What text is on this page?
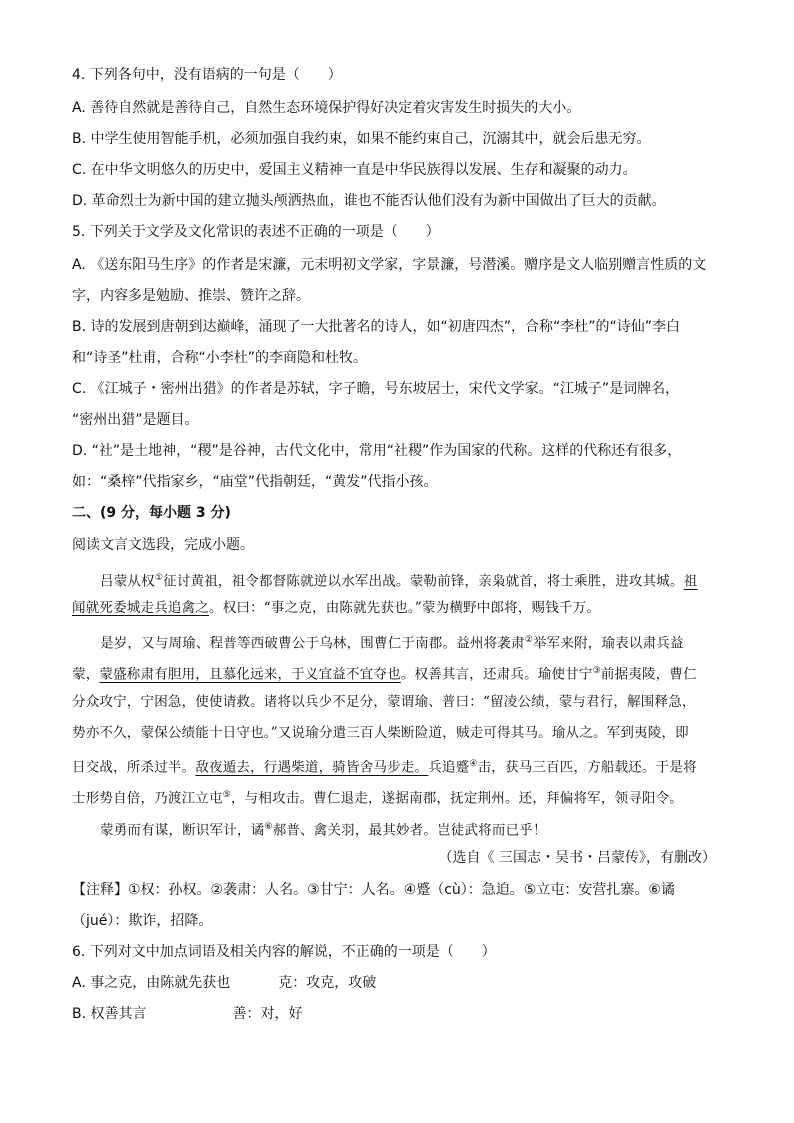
4. 下列各句中，没有语病的一句是（　　）
A. 善待自然就是善待自己，自然生态环境保护得好决定着灾害发生时损失的大小。
B. 中学生使用智能手机，必须加强自我约束，如果不能约束自己，沉溺其中，就会后患无穷。
C. 在中华文明悠久的历史中，爱国主义精神一直是中华民族得以发展、生存和凝聚的动力。
D. 革命烈士为新中国的建立抛头颅洒热血，谁也不能否认他们没有为新中国做出了巨大的贡献。
5. 下列关于文学及文化常识的表述不正确的一项是（　　）
A. 《送东阳马生序》的作者是宋濂，元末明初文学家，字景濂，号潜溪。赠序是文人临别赠言性质的文
字，内容多是勉励、推崇、赞许之辞。
B. 诗的发展到唐朝到达巅峰，涌现了一大批著名的诗人，如“初唐四杰”，合称“李杜”的“诗仙”李白
和“诗圣”杜甫，合称“小李杜”的李商隐和杜牧。
C. 《江城子・密州出猎》的作者是苏轼，字子瞻，号东坡居士，宋代文学家。“江城子”是词牌名，
“密州出猎”是题目。
D. “社”是土地神，“稷”是谷神，古代文化中，常用“社稷”作为国家的代称。这样的代称还有很多，
如：“桑梓”代指家乡，“庙堂”代指朝廷，“黄发”代指小孩。
二、(9 分，每小题 3 分)
阅读文言文选段，完成小题。
吕蒙从权①征讨黄祖，祖令都督陈就逆以水军出战。蒙勒前锋，亲枭就首，将士乘胜，进攻其城。祖
闻就死委城走兵追禽之。权曰：“事之克，由陈就先获也。”蒙为横野中郎将，赐钱千万。
是岁，又与周瑜、程普等西破曹公于乌林，围曹仁于南郡。益州将袭肃②举军来附，瑜表以肃兵益
蒙，蒙盛称肃有胆用，且慕化远来，于义宜益不宜夺也。权善其言，还肃兵。瑜使甘宁③前据夷陵，曹仁
分众攻宁，宁困急，使使请救。诸将以兵少不足分，蒙谓瑜、普曰：“留凌公绩，蒙与君行，解围释急，
势亦不久，蒙保公绩能十日守也。”又说瑜分遣三百人柴断险道，贼走可得其马。瑜从之。军到夷陵，即
日交战，所杀过半。敌夜遁去，行遇柴道，骑皆舍马步走。兵追蹙④击，获马三百匹，方船载还。于是将
士形势自倍，乃渡江立屯⑤，与相攻击。曹仁退走，遂据南郡，抚定荆州。还，拜偏将军，领寻阳令。
蒙勇而有谋，断识军计，谲⑥郝普、禽关羽，最其妙者。岂徒武将而已乎！
（选自《 三国志・吴书・吕蒙传》，有删改）
【注释】①权：孙权。②袭肃：人名。③甘宁：人名。④蹙（cù）：急迫。⑤立屯：安营扎寨。⑥谲
（jué）：欺诈，招降。
6. 下列对文中加点词语及相关内容的解说，不正确的一项是（　　）
A. 事之克，由陈就先获也	克：攻克，攻破
B. 权善其言	善：对，好
